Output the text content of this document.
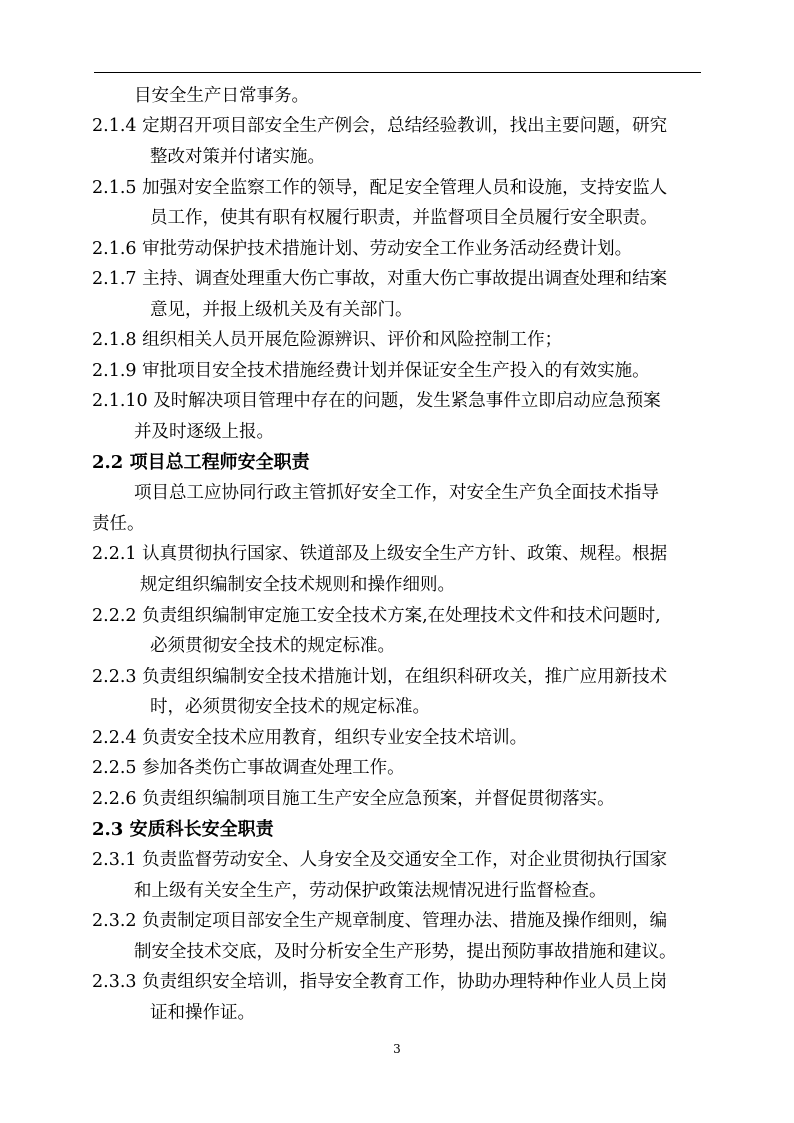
目安全生产日常事务。
2.1.4 定期召开项目部安全生产例会，总结经验教训，找出主要问题，研究
整改对策并付诸实施。
2.1.5 加强对安全监察工作的领导，配足安全管理人员和设施，支持安监人
员工作，使其有职有权履行职责，并监督项目全员履行安全职责。
2.1.6 审批劳动保护技术措施计划、劳动安全工作业务活动经费计划。
2.1.7 主持、调查处理重大伤亡事故，对重大伤亡事故提出调查处理和结案
意见，并报上级机关及有关部门。
2.1.8 组织相关人员开展危险源辨识、评价和风险控制工作；
2.1.9 审批项目安全技术措施经费计划并保证安全生产投入的有效实施。
2.1.10 及时解决项目管理中存在的问题，发生紧急事件立即启动应急预案
并及时逐级上报。
2.2 项目总工程师安全职责
项目总工应协同行政主管抓好安全工作，对安全生产负全面技术指导
责任。
2.2.1 认真贯彻执行国家、铁道部及上级安全生产方针、政策、规程。根据
规定组织编制安全技术规则和操作细则。
2.2.2 负责组织编制审定施工安全技术方案,在处理技术文件和技术问题时,
必须贯彻安全技术的规定标准。
2.2.3 负责组织编制安全技术措施计划，在组织科研攻关，推广应用新技术
时，必须贯彻安全技术的规定标准。
2.2.4 负责安全技术应用教育，组织专业安全技术培训。
2.2.5 参加各类伤亡事故调查处理工作。
2.2.6 负责组织编制项目施工生产安全应急预案，并督促贯彻落实。
2.3 安质科长安全职责
2.3.1 负责监督劳动安全、人身安全及交通安全工作，对企业贯彻执行国家
和上级有关安全生产，劳动保护政策法规情况进行监督检查。
2.3.2 负责制定项目部安全生产规章制度、管理办法、措施及操作细则，编
制安全技术交底，及时分析安全生产形势，提出预防事故措施和建议。
2.3.3 负责组织安全培训，指导安全教育工作，协助办理特种作业人员上岗
证和操作证。
3
